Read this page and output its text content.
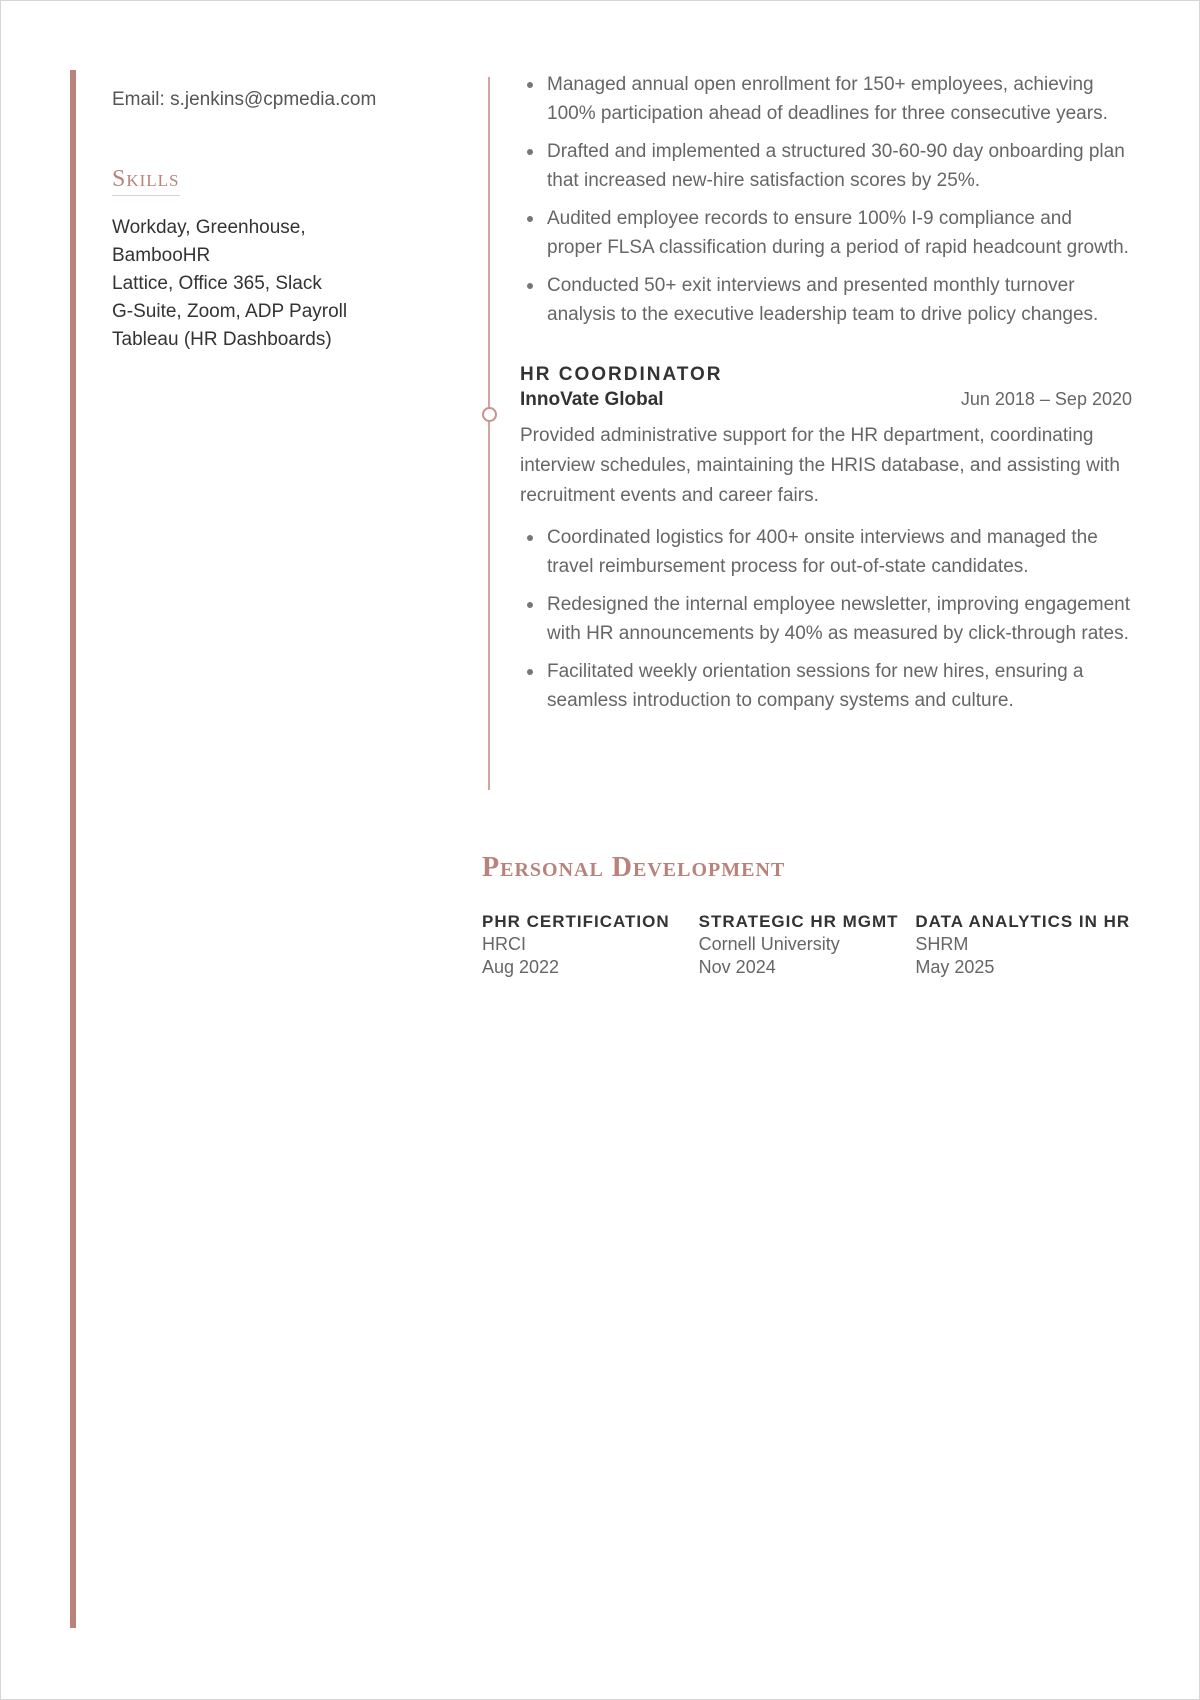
Email: s.jenkins@cpmedia.com

Skills
Workday, Greenhouse,
BambooHR
Lattice, Office 365, Slack
G-Suite, Zoom, ADP Payroll
Tableau (HR Dashboards)
Managed annual open enrollment for 150+ employees, achieving 100% participation ahead of deadlines for three consecutive years.
Drafted and implemented a structured 30-60-90 day onboarding plan that increased new-hire satisfaction scores by 25%.
Audited employee records to ensure 100% I-9 compliance and proper FLSA classification during a period of rapid headcount growth.
Conducted 50+ exit interviews and presented monthly turnover analysis to the executive leadership team to drive policy changes.
HR COORDINATOR
InnoVate Global	Jun 2018 – Sep 2020

Provided administrative support for the HR department, coordinating interview schedules, maintaining the HRIS database, and assisting with recruitment events and career fairs.

Coordinated logistics for 400+ onsite interviews and managed the travel reimbursement process for out-of-state candidates.
Redesigned the internal employee newsletter, improving engagement with HR announcements by 40% as measured by click-through rates.
Facilitated weekly orientation sessions for new hires, ensuring a seamless introduction to company systems and culture.
Personal Development
PHR CERTIFICATION
HRCI
Aug 2022
STRATEGIC HR MGMT
Cornell University
Nov 2024
DATA ANALYTICS IN HR
SHRM
May 2025
